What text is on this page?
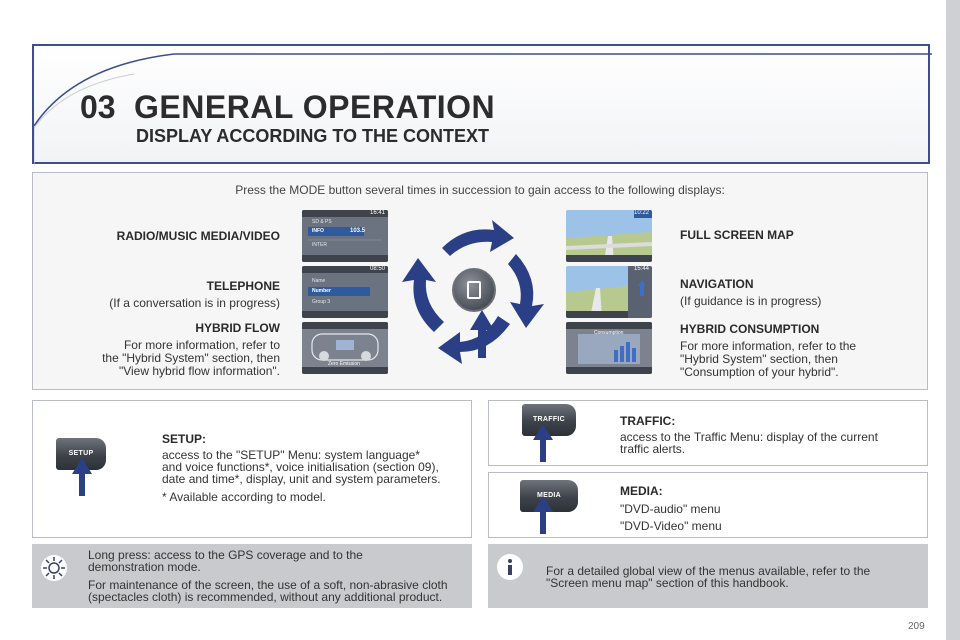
03 GENERAL OPERATION
DISPLAY ACCORDING TO THE CONTEXT
Press the MODE button several times in succession to gain access to the following displays:
RADIO/MUSIC MEDIA/VIDEO
TELEPHONE
(If a conversation is in progress)
HYBRID FLOW
For more information, refer to
the "Hybrid System" section, then
"View hybrid flow information".
FULL SCREEN MAP
NAVIGATION
(If guidance is in progress)
HYBRID CONSUMPTION
For more information, refer to the
"Hybrid System" section, then
"Consumption of your hybrid".
16:41
SD & PS
INFO	103.5
INTER
08:50
Name
Number
Group 3
Zero Emission
10:22
15:44
Consumption
SETUP
SETUP:
access to the "SETUP" Menu: system language*
and voice functions*, voice initialisation (section 09),
date and time*, display, unit and system parameters.
* Available according to model.
TRAFFIC	TRAFFIC:
access to the Traffic Menu: display of the current
traffic alerts.
MEDIA	MEDIA:
"DVD-audio" menu
"DVD-Video" menu
Long press: access to the GPS coverage and to the
demonstration mode.
For maintenance of the screen, the use of a soft, non-abrasive cloth
(spectacles cloth) is recommended, without any additional product.
For a detailed global view of the menus available, refer to the
"Screen menu map" section of this handbook.
209
